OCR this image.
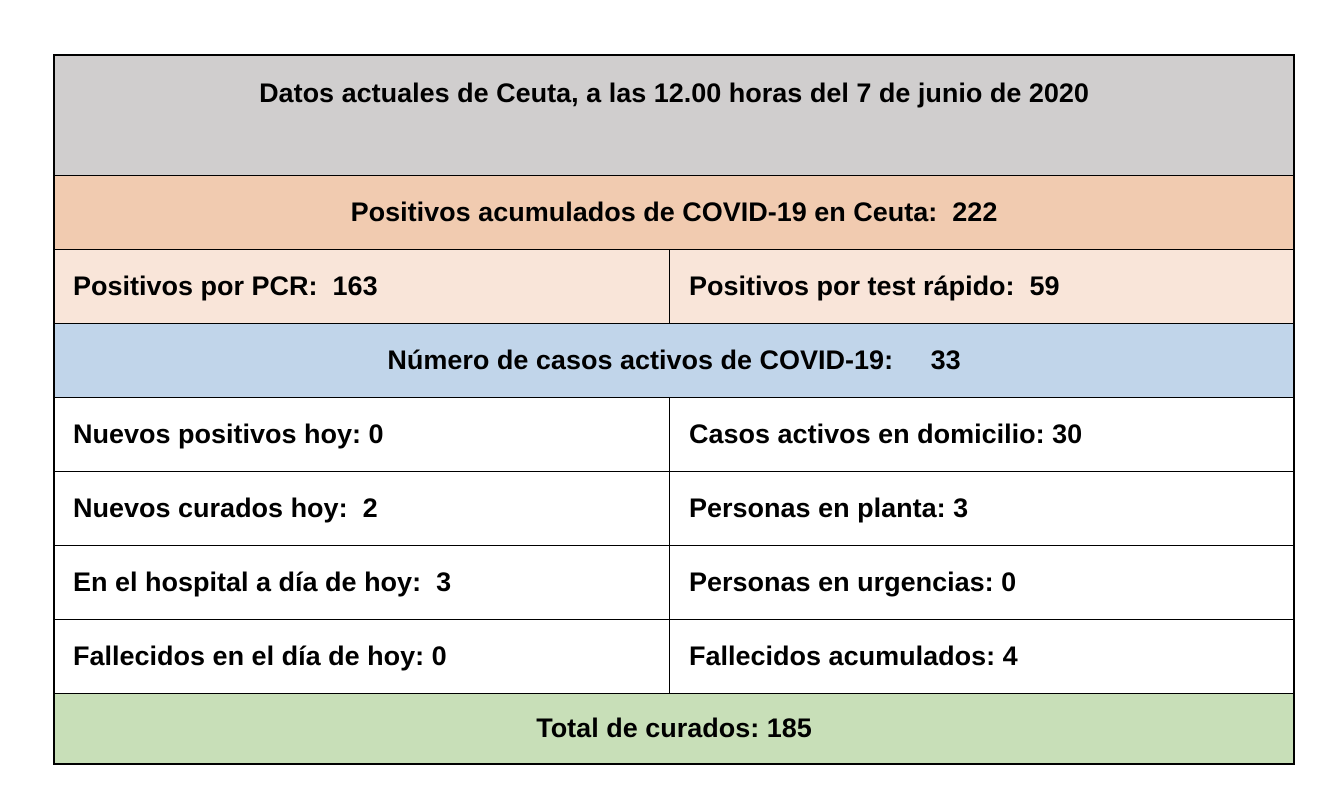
Datos actuales de Ceuta, a las 12.00 horas del 7 de junio de 2020
Positivos acumulados de COVID-19 en Ceuta:  222
Positivos por PCR:  163	Positivos por test rápido:  59
Número de casos activos de COVID-19:     33
Nuevos positivos hoy: 0	Casos activos en domicilio: 30
Nuevos curados hoy:  2	Personas en planta: 3
En el hospital a día de hoy:  3	Personas en urgencias: 0
Fallecidos en el día de hoy: 0	Fallecidos acumulados: 4
Total de curados: 185
